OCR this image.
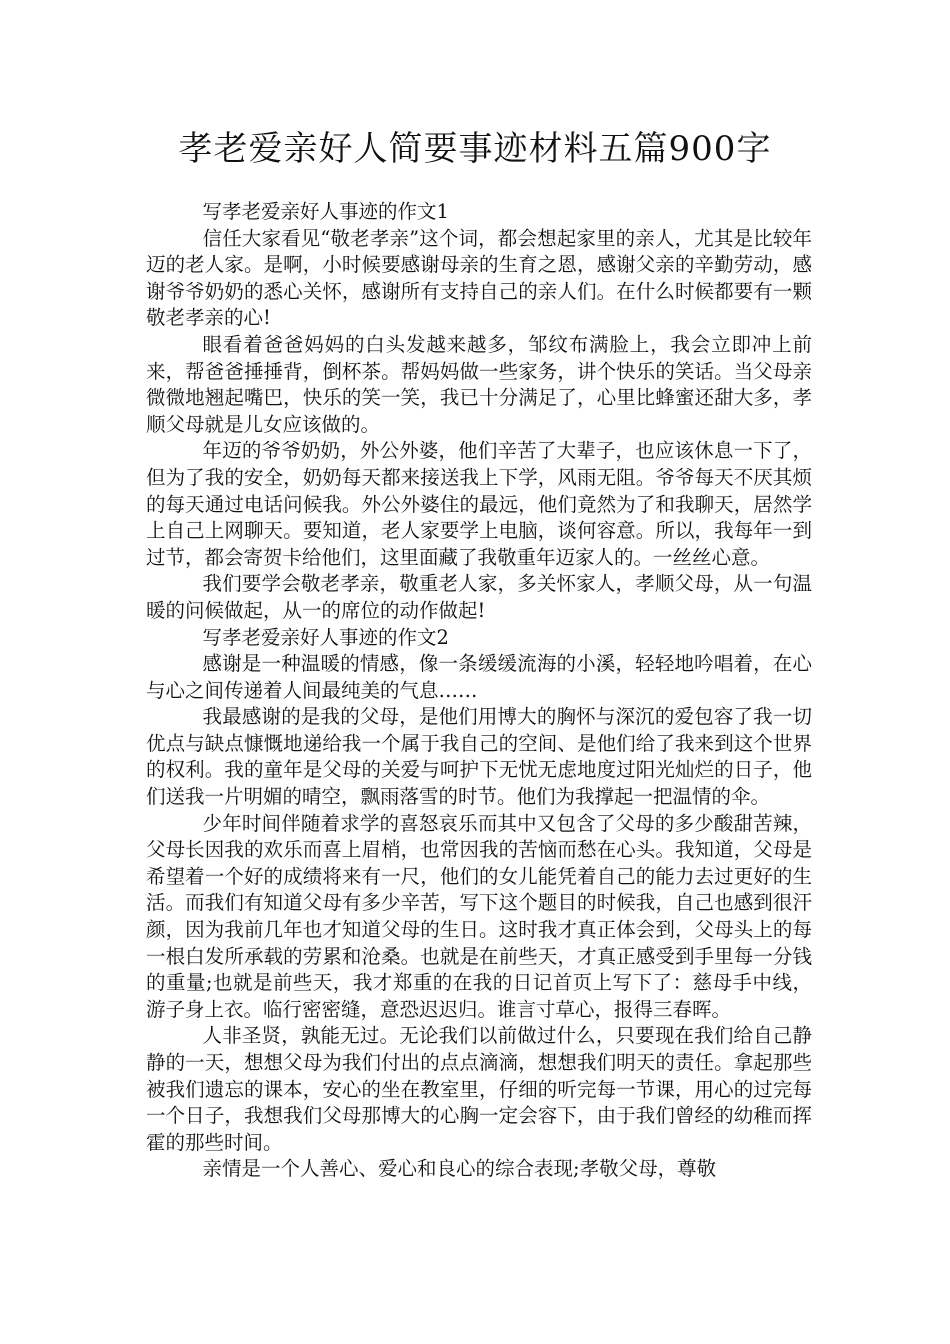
孝老爱亲好人简要事迹材料五篇900字

写孝老爱亲好人事迹的作文1

信任大家看见“敬老孝亲”这个词，都会想起家里的亲人，尤其是比较年迈的老人家。是啊，小时候要感谢母亲的生育之恩，感谢父亲的辛勤劳动，感谢爷爷奶奶的悉心关怀，感谢所有支持自己的亲人们。在什么时候都要有一颗敬老孝亲的心!

眼看着爸爸妈妈的白头发越来越多，邹纹布满脸上，我会立即冲上前来，帮爸爸捶捶背，倒杯茶。帮妈妈做一些家务，讲个快乐的笑话。当父母亲微微地翘起嘴巴，快乐的笑一笑，我已十分满足了，心里比蜂蜜还甜大多，孝顺父母就是儿女应该做的。

年迈的爷爷奶奶，外公外婆，他们辛苦了大辈子，也应该休息一下了，但为了我的安全，奶奶每天都来接送我上下学，风雨无阻。爷爷每天不厌其烦的每天通过电话问候我。外公外婆住的最远，他们竟然为了和我聊天，居然学上自己上网聊天。要知道，老人家要学上电脑，谈何容意。所以，我每年一到过节，都会寄贺卡给他们，这里面藏了我敬重年迈家人的。一丝丝心意。

我们要学会敬老孝亲，敬重老人家，多关怀家人，孝顺父母，从一句温暖的问候做起，从一的席位的动作做起!

写孝老爱亲好人事迹的作文2

感谢是一种温暖的情感，像一条缓缓流海的小溪，轻轻地吟唱着，在心与心之间传递着人间最纯美的气息……

我最感谢的是我的父母，是他们用博大的胸怀与深沉的爱包容了我一切优点与缺点慷慨地递给我一个属于我自己的空间、是他们给了我来到这个世界的权利。我的童年是父母的关爱与呵护下无忧无虑地度过阳光灿烂的日子，他们送我一片明媚的晴空，飘雨落雪的时节。他们为我撑起一把温情的伞。

少年时间伴随着求学的喜怒哀乐而其中又包含了父母的多少酸甜苦辣，父母长因我的欢乐而喜上眉梢，也常因我的苦恼而愁在心头。我知道，父母是希望着一个好的成绩将来有一尺，他们的女儿能凭着自己的能力去过更好的生活。而我们有知道父母有多少辛苦，写下这个题目的时候我，自己也感到很汗颜，因为我前几年也才知道父母的生日。这时我才真正体会到，父母头上的每一根白发所承载的劳累和沧桑。也就是在前些天，才真正感受到手里每一分钱的重量;也就是前些天，我才郑重的在我的日记首页上写下了：慈母手中线，游子身上衣。临行密密缝，意恐迟迟归。谁言寸草心，报得三春晖。

人非圣贤，孰能无过。无论我们以前做过什么，只要现在我们给自己静静的一天，想想父母为我们付出的点点滴滴，想想我们明天的责任。拿起那些被我们遗忘的课本，安心的坐在教室里，仔细的听完每一节课，用心的过完每一个日子，我想我们父母那博大的心胸一定会容下，由于我们曾经的幼稚而挥霍的那些时间。

亲情是一个人善心、爱心和良心的综合表现;孝敬父母，尊敬
